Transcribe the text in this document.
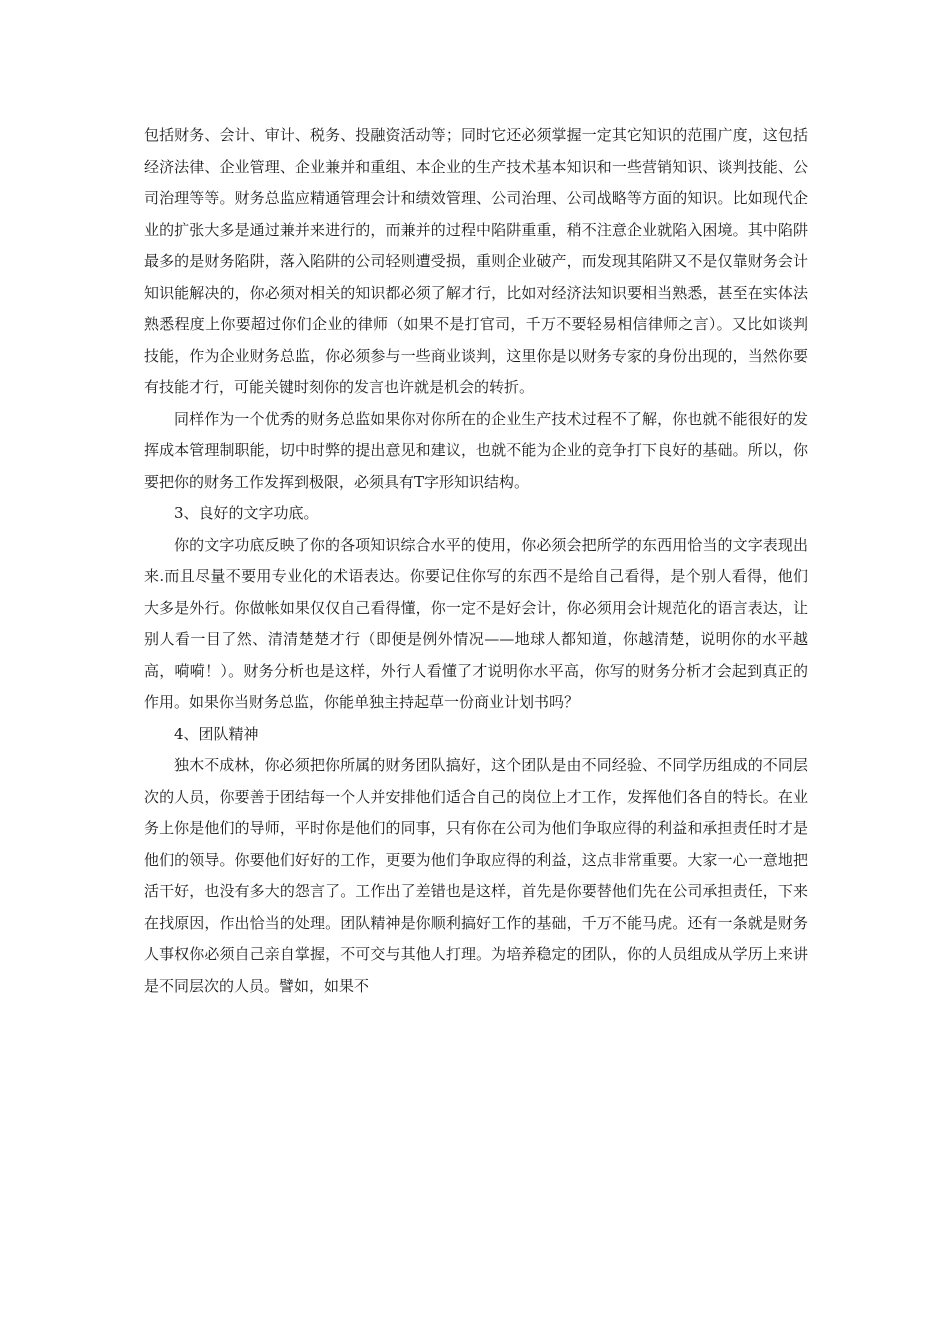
包括财务、会计、审计、税务、投融资活动等；同时它还必须掌握一定其它知识的范围广度，这包括经济法律、企业管理、企业兼并和重组、本企业的生产技术基本知识和一些营销知识、谈判技能、公司治理等等。财务总监应精通管理会计和绩效管理、公司治理、公司战略等方面的知识。比如现代企业的扩张大多是通过兼并来进行的，而兼并的过程中陷阱重重，稍不注意企业就陷入困境。其中陷阱最多的是财务陷阱，落入陷阱的公司轻则遭受损，重则企业破产，而发现其陷阱又不是仅靠财务会计知识能解决的，你必须对相关的知识都必须了解才行，比如对经济法知识要相当熟悉，甚至在实体法熟悉程度上你要超过你们企业的律师（如果不是打官司，千万不要轻易相信律师之言）。又比如谈判技能，作为企业财务总监，你必须参与一些商业谈判，这里你是以财务专家的身份出现的，当然你要有技能才行，可能关键时刻你的发言也许就是机会的转折。

同样作为一个优秀的财务总监如果你对你所在的企业生产技术过程不了解，你也就不能很好的发挥成本管理制职能，切中时弊的提出意见和建议，也就不能为企业的竞争打下良好的基础。所以，你要把你的财务工作发挥到极限，必须具有T字形知识结构。

3、良好的文字功底。

你的文字功底反映了你的各项知识综合水平的使用，你必须会把所学的东西用恰当的文字表现出来.而且尽量不要用专业化的术语表达。你要记住你写的东西不是给自己看得，是个别人看得，他们大多是外行。你做帐如果仅仅自己看得懂，你一定不是好会计，你必须用会计规范化的语言表达，让别人看一目了然、清清楚楚才行（即便是例外情况——地球人都知道，你越清楚，说明你的水平越高，嗬嗬！）。财务分析也是这样，外行人看懂了才说明你水平高，你写的财务分析才会起到真正的作用。如果你当财务总监，你能单独主持起草一份商业计划书吗？

4、团队精神

独木不成林，你必须把你所属的财务团队搞好，这个团队是由不同经验、不同学历组成的不同层次的人员，你要善于团结每一个人并安排他们适合自己的岗位上才工作，发挥他们各自的特长。在业务上你是他们的导师，平时你是他们的同事，只有你在公司为他们争取应得的利益和承担责任时才是他们的领导。你要他们好好的工作，更要为他们争取应得的利益，这点非常重要。大家一心一意地把活干好，也没有多大的怨言了。工作出了差错也是这样，首先是你要替他们先在公司承担责任，下来在找原因，作出恰当的处理。团队精神是你顺利搞好工作的基础，千万不能马虎。还有一条就是财务人事权你必须自己亲自掌握，不可交与其他人打理。为培养稳定的团队，你的人员组成从学历上来讲是不同层次的人员。譬如，如果不
